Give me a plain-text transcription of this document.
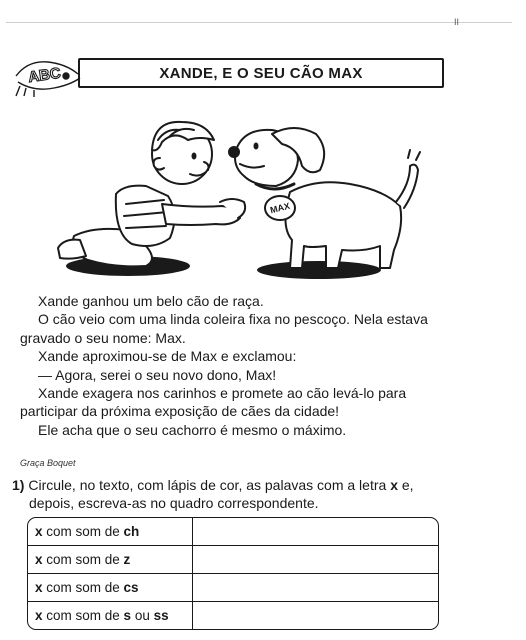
II
ABC	XANDE, E O SEU CÃO MAX
MAX

Xande ganhou um belo cão de raça.

O cão veio com uma linda coleira fixa no pescoço. Nela estava

gravado o seu nome: Max.

Xande aproximou-se de Max e exclamou:

— Agora, serei o seu novo dono, Max!

Xande exagera nos carinhos e promete ao cão levá-lo para

participar da próxima exposição de cães da cidade!

Ele acha que o seu cachorro é mesmo o máximo.

Graça Boquet
1) Circule, no texto, com lápis de cor, as palavas com a letra x e,
depois, escreva-as no quadro correspondente.
x com som de ch
x com som de z
x com som de cs
x com som de s ou ss
